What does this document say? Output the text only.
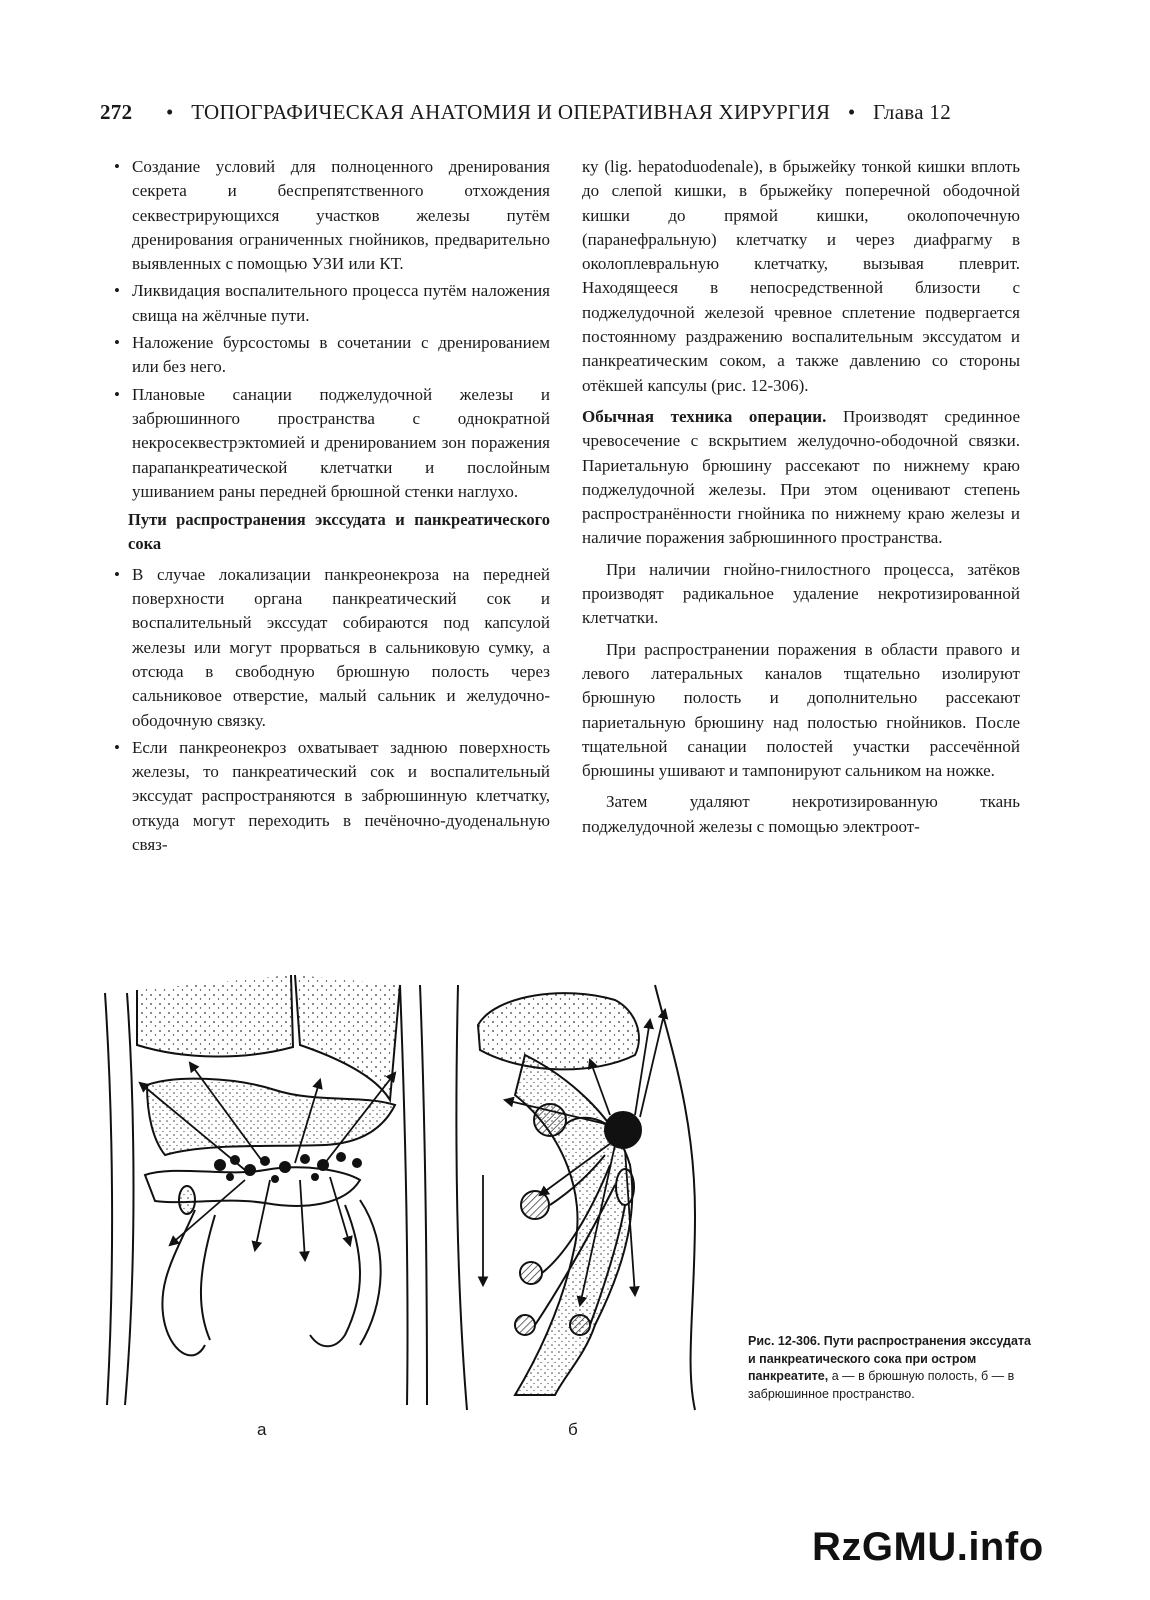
272 • ТОПОГРАФИЧЕСКАЯ АНАТОМИЯ И ОПЕРАТИВНАЯ ХИРУРГИЯ • Глава 12
• Создание условий для полноценного дренирования секрета и беспрепятственного отхождения секвестрирующихся участков железы путём дренирования ограниченных гнойников, предварительно выявленных с помощью УЗИ или КТ.
• Ликвидация воспалительного процесса путём наложения свища на жёлчные пути.
• Наложение бурсостомы в сочетании с дренированием или без него.
• Плановые санации поджелудочной железы и забрюшинного пространства с однократной некросеквестрэктомией и дренированием зон поражения парапанкреатической клетчатки и послойным ушиванием раны передней брюшной стенки наглухо.
Пути распространения экссудата и панкреатического сока
• В случае локализации панкреонекроза на передней поверхности органа панкреатический сок и воспалительный экссудат собираются под капсулой железы или могут прорваться в сальниковую сумку, а отсюда в свободную брюшную полость через сальниковое отверстие, малый сальник и желудочно-ободочную связку.
• Если панкреонекроз охватывает заднюю поверхность железы, то панкреатический сок и воспалительный экссудат распространяются в забрюшинную клетчатку, откуда могут переходить в печёночно-дуоденальную связ-
ку (lig. hepatoduodenale), в брыжейку тонкой кишки вплоть до слепой кишки, в брыжейку поперечной ободочной кишки до прямой кишки, околопочечную (паранефральную) клетчатку и через диафрагму в околоплевральную клетчатку, вызывая плеврит. Находящееся в непосредственной близости с поджелудочной железой чревное сплетение подвергается постоянному раздражению воспалительным экссудатом и панкреатическим соком, а также давлению со стороны отёкшей капсулы (рис. 12-306).
Обычная техника операции. Производят срединное чревосечение с вскрытием желудочно-ободочной связки. Париетальную брюшину рассекают по нижнему краю поджелудочной железы. При этом оценивают степень распространённости гнойника по нижнему краю железы и наличие поражения забрюшинного пространства.
При наличии гнойно-гнилостного процесса, затёков производят радикальное удаление некротизированной клетчатки.
При распространении поражения в области правого и левого латеральных каналов тщательно изолируют брюшную полость и дополнительно рассекают париетальную брюшину над полостью гнойников. После тщательной санации полостей участки рассечённой брюшины ушивают и тампонируют сальником на ножке.
Затем удаляют некротизированную ткань поджелудочной железы с помощью электроот-
а	б
Рис. 12-306. Пути распространения экссудата и панкреатического сока при остром панкреатите, а — в брюшную полость, б — в забрюшинное пространство.
RzGMU.info
